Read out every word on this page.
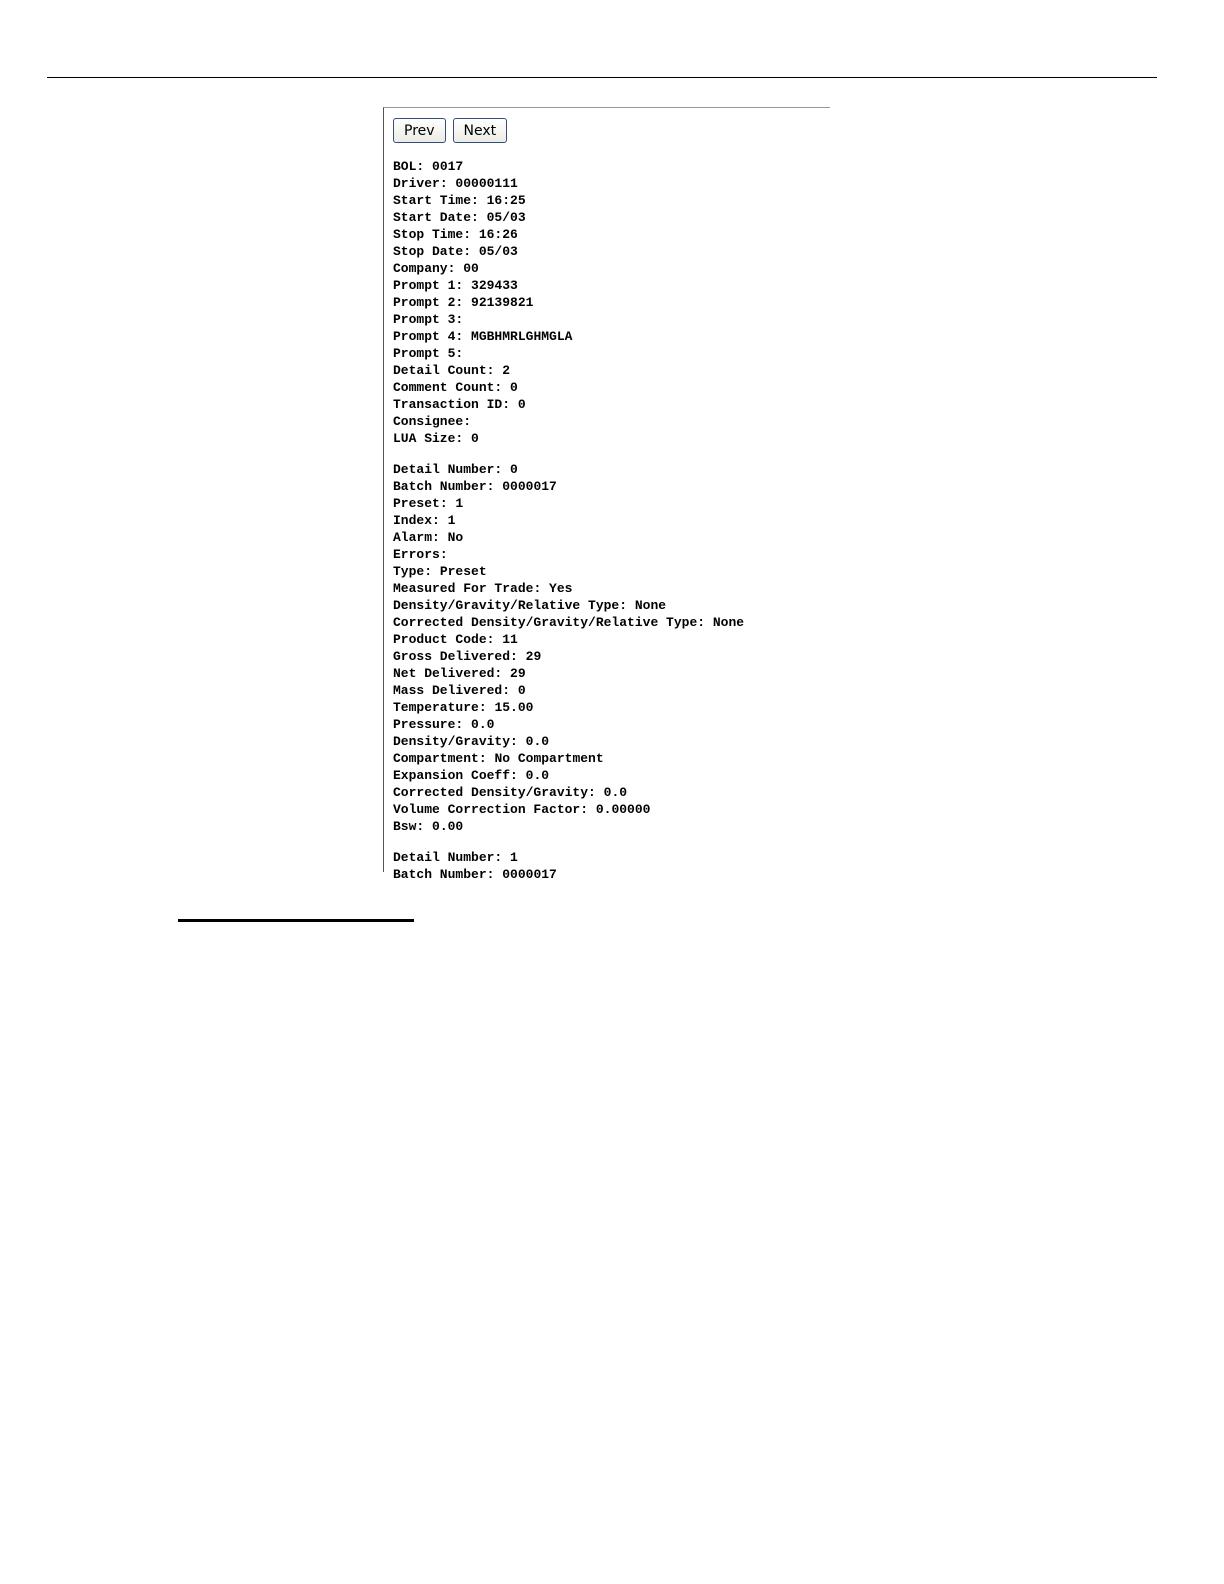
Prev Next
BOL: 0017
Driver: 00000111
Start Time: 16:25
Start Date: 05/03
Stop Time: 16:26
Stop Date: 05/03
Company: 00
Prompt 1: 329433
Prompt 2: 92139821
Prompt 3:
Prompt 4: MGBHMRLGHMGLA
Prompt 5:
Detail Count: 2
Comment Count: 0
Transaction ID: 0
Consignee:
LUA Size: 0
Detail Number: 0
Batch Number: 0000017
Preset: 1
Index: 1
Alarm: No
Errors:
Type: Preset
Measured For Trade: Yes
Density/Gravity/Relative Type: None
Corrected Density/Gravity/Relative Type: None
Product Code: 11
Gross Delivered: 29
Net Delivered: 29
Mass Delivered: 0
Temperature: 15.00
Pressure: 0.0
Density/Gravity: 0.0
Compartment: No Compartment
Expansion Coeff: 0.0
Corrected Density/Gravity: 0.0
Volume Correction Factor: 0.00000
Bsw: 0.00
Detail Number: 1
Batch Number: 0000017
